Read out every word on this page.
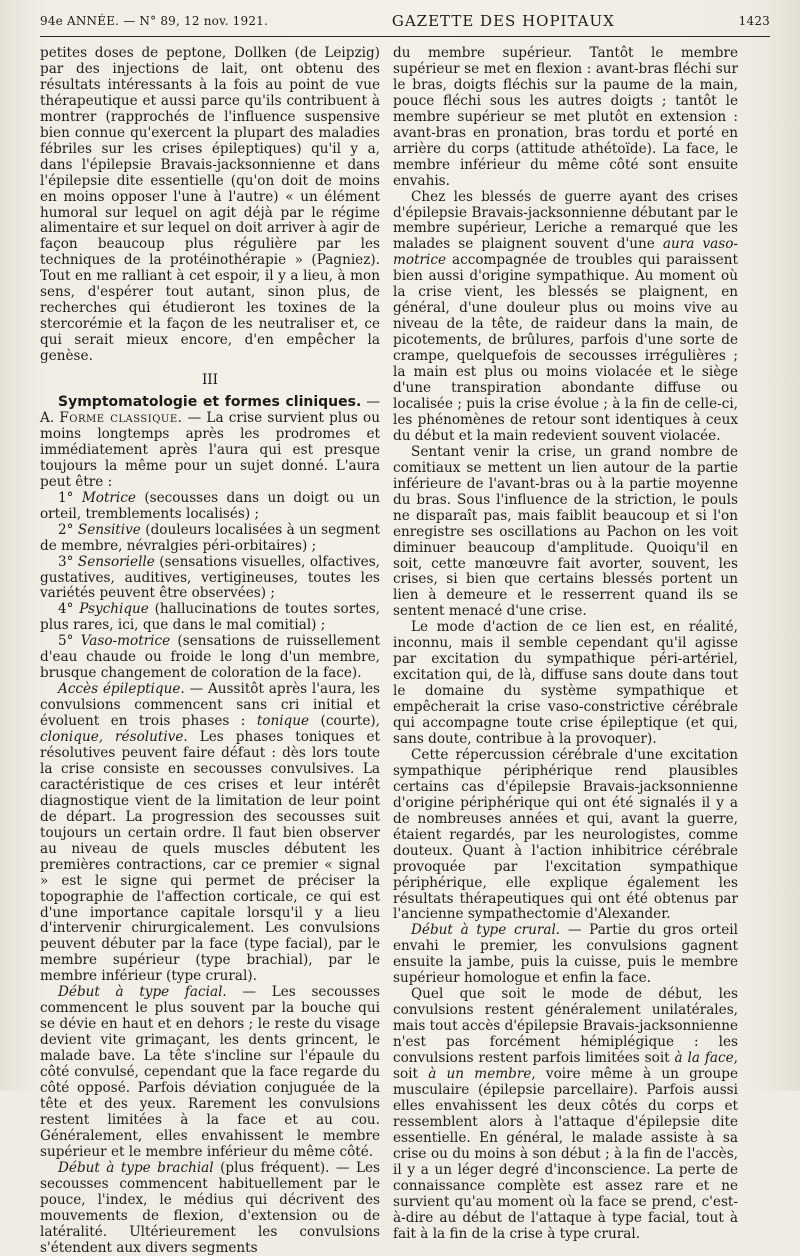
94e ANNÉE. — N° 89, 12 nov. 1921.	GAZETTE DES HOPITAUX	1423

petites doses de peptone, Dollken (de Leipzig) par des injections de lait, ont obtenu des résultats intéressants à la fois au point de vue thérapeutique et aussi parce qu'ils contribuent à montrer (rapprochés de l'influence suspensive bien connue qu'exercent la plupart des maladies fébriles sur les crises épileptiques) qu'il y a, dans l'épilepsie Bravais-jacksonnienne et dans l'épilepsie dite essentielle (qu'on doit de moins en moins opposer l'une à l'autre) « un élément humoral sur lequel on agit déjà par le régime alimentaire et sur lequel on doit arriver à agir de façon beaucoup plus régulière par les techniques de la protéinothérapie » (Pagniez). Tout en me ralliant à cet espoir, il y a lieu, à mon sens, d'espérer tout autant, sinon plus, de recherches qui étudieront les toxines de la stercorémie et la façon de les neutraliser et, ce qui serait mieux encore, d'en empêcher la genèse.

III

Symptomatologie et formes cliniques. — A. Forme classique. — La crise survient plus ou moins longtemps après les prodromes et immédiatement après l'aura qui est presque toujours la même pour un sujet donné. L'aura peut être :

1° Motrice (secousses dans un doigt ou un orteil, tremblements localisés) ;

2° Sensitive (douleurs localisées à un segment de membre, névralgies péri-orbitaires) ;

3° Sensorielle (sensations visuelles, olfactives, gustatives, auditives, vertigineuses, toutes les variétés peuvent être observées) ;

4° Psychique (hallucinations de toutes sortes, plus rares, ici, que dans le mal comitial) ;

5° Vaso-motrice (sensations de ruissellement d'eau chaude ou froide le long d'un membre, brusque changement de coloration de la face).

Accès épileptique. — Aussitôt après l'aura, les convulsions commencent sans cri initial et évoluent en trois phases : tonique (courte), clonique, résolutive. Les phases toniques et résolutives peuvent faire défaut : dès lors toute la crise consiste en secousses convulsives. La caractéristique de ces crises et leur intérêt diagnostique vient de la limitation de leur point de départ. La progression des secousses suit toujours un certain ordre. Il faut bien observer au niveau de quels muscles débutent les premières contractions, car ce premier « signal » est le signe qui permet de préciser la topographie de l'affection corticale, ce qui est d'une importance capitale lorsqu'il y a lieu d'intervenir chirurgicalement. Les convulsions peuvent débuter par la face (type facial), par le membre supérieur (type brachial), par le membre inférieur (type crural).

Début à type facial. — Les secousses commencent le plus souvent par la bouche qui se dévie en haut et en dehors ; le reste du visage devient vite grimaçant, les dents grincent, le malade bave. La tête s'incline sur l'épaule du côté convulsé, cependant que la face regarde du côté opposé. Parfois déviation conjuguée de la tête et des yeux. Rarement les convulsions restent limitées à la face et au cou. Généralement, elles envahissent le membre supérieur et le membre inférieur du même côté.

Début à type brachial (plus fréquent). — Les secousses commencent habituellement par le pouce, l'index, le médius qui décrivent des mouvements de flexion, d'extension ou de latéralité. Ultérieurement les convulsions s'étendent aux divers segments

du membre supérieur. Tantôt le membre supérieur se met en flexion : avant-bras fléchi sur le bras, doigts fléchis sur la paume de la main, pouce fléchi sous les autres doigts ; tantôt le membre supérieur se met plutôt en extension : avant-bras en pronation, bras tordu et porté en arrière du corps (attitude athétoïde). La face, le membre inférieur du même côté sont ensuite envahis.

Chez les blessés de guerre ayant des crises d'épilepsie Bravais-jacksonnienne débutant par le membre supérieur, Leriche a remarqué que les malades se plaignent souvent d'une aura vaso-motrice accompagnée de troubles qui paraissent bien aussi d'origine sympathique. Au moment où la crise vient, les blessés se plaignent, en général, d'une douleur plus ou moins vive au niveau de la tête, de raideur dans la main, de picotements, de brûlures, parfois d'une sorte de crampe, quelquefois de secousses irrégulières ; la main est plus ou moins violacée et le siège d'une transpiration abondante diffuse ou localisée ; puis la crise évolue ; à la fin de celle-ci, les phénomènes de retour sont identiques à ceux du début et la main redevient souvent violacée.

Sentant venir la crise, un grand nombre de comitiaux se mettent un lien autour de la partie inférieure de l'avant-bras ou à la partie moyenne du bras. Sous l'influence de la striction, le pouls ne disparaît pas, mais faiblit beaucoup et si l'on enregistre ses oscillations au Pachon on les voit diminuer beaucoup d'amplitude. Quoiqu'il en soit, cette manœuvre fait avorter, souvent, les crises, si bien que certains blessés portent un lien à demeure et le resserrent quand ils se sentent menacé d'une crise.

Le mode d'action de ce lien est, en réalité, inconnu, mais il semble cependant qu'il agisse par excitation du sympathique péri-artériel, excitation qui, de là, diffuse sans doute dans tout le domaine du système sympathique et empêcherait la crise vaso-constrictive cérébrale qui accompagne toute crise épileptique (et qui, sans doute, contribue à la provoquer).

Cette répercussion cérébrale d'une excitation sympathique périphérique rend plausibles certains cas d'épilepsie Bravais-jacksonnienne d'origine périphérique qui ont été signalés il y a de nombreuses années et qui, avant la guerre, étaient regardés, par les neurologistes, comme douteux. Quant à l'action inhibitrice cérébrale provoquée par l'excitation sympathique périphérique, elle explique également les résultats thérapeutiques qui ont été obtenus par l'ancienne sympathectomie d'Alexander.

Début à type crural. — Partie du gros orteil envahi le premier, les convulsions gagnent ensuite la jambe, puis la cuisse, puis le membre supérieur homologue et enfin la face.

Quel que soit le mode de début, les convulsions restent généralement unilatérales, mais tout accès d'épilepsie Bravais-jacksonnienne n'est pas forcément hémiplégique : les convulsions restent parfois limitées soit à la face, soit à un membre, voire même à un groupe musculaire (épilepsie parcellaire). Parfois aussi elles envahissent les deux côtés du corps et ressemblent alors à l'attaque d'épilepsie dite essentielle. En général, le malade assiste à sa crise ou du moins à son début ; à la fin de l'accès, il y a un léger degré d'inconscience. La perte de connaissance complète est assez rare et ne survient qu'au moment où la face se prend, c'est-à-dire au début de l'attaque à type facial, tout à fait à la fin de la crise à type crural.
